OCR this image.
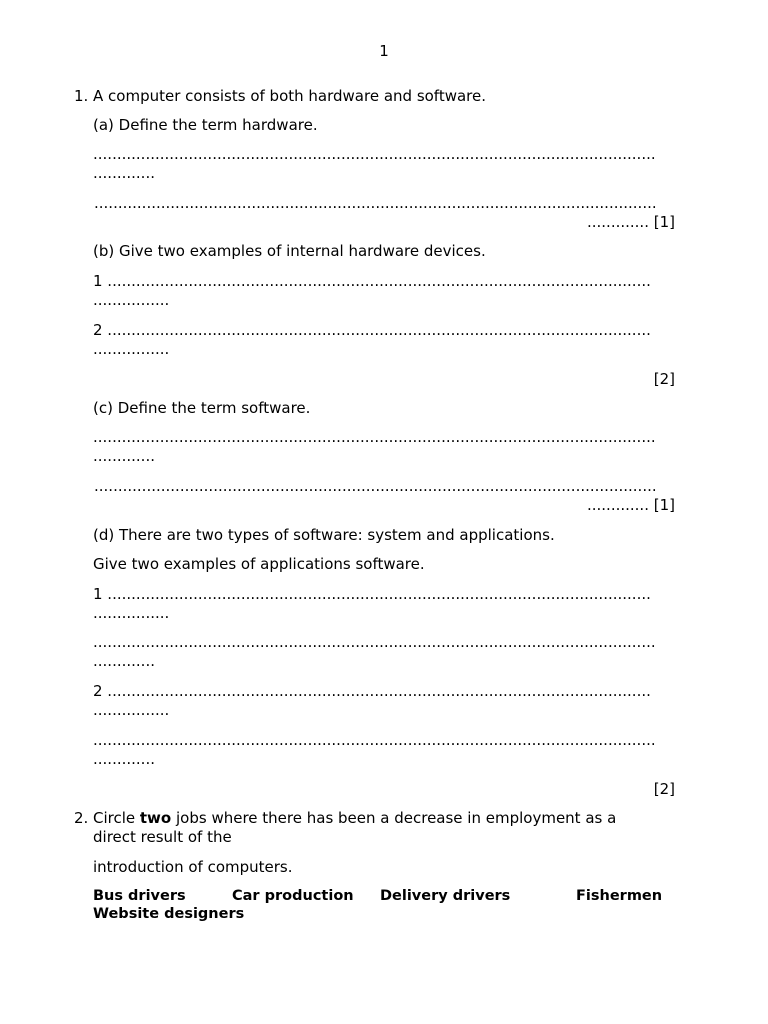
1
1. A computer consists of both hardware and software.
(a) Define the term hardware.
......................................................................................................................
.............
......................................................................................................................
............. [1]
(b) Give two examples of internal hardware devices.
1 ..................................................................................................................
................
2 ..................................................................................................................
................
[2]
(c) Define the term software.
......................................................................................................................
.............
......................................................................................................................
............. [1]
(d) There are two types of software: system and applications.
Give two examples of applications software.
1 ..................................................................................................................
................
......................................................................................................................
.............
2 ..................................................................................................................
................
......................................................................................................................
.............
[2]
2. Circle two jobs where there has been a decrease in employment as a direct result of the
introduction of computers.
Bus drivers	Car production Delivery drivers	Fishermen
Website designers
